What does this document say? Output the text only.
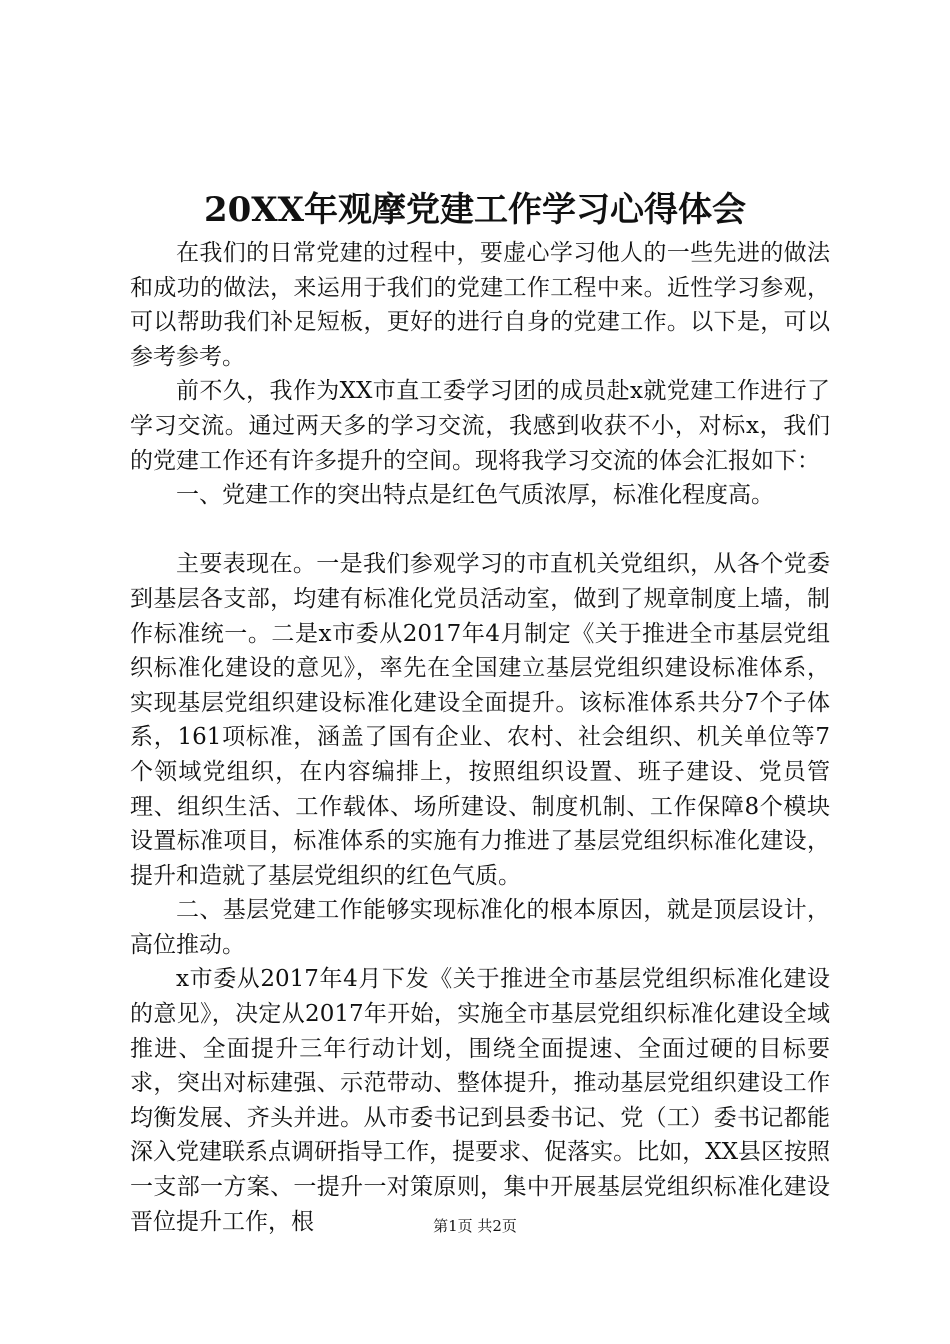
20XX年观摩党建工作学习心得体会

在我们的日常党建的过程中，要虚心学习他人的一些先进的做法和成功的做法，来运用于我们的党建工作工程中来。近性学习参观，可以帮助我们补足短板，更好的进行自身的党建工作。以下是，可以参考参考。

前不久，我作为XX市直工委学习团的成员赴x就党建工作进行了学习交流。通过两天多的学习交流，我感到收获不小，对标x，我们的党建工作还有许多提升的空间。现将我学习交流的体会汇报如下：

一、党建工作的突出特点是红色气质浓厚，标准化程度高。

主要表现在。一是我们参观学习的市直机关党组织，从各个党委到基层各支部，均建有标准化党员活动室，做到了规章制度上墙，制作标准统一。二是x市委从2017年4月制定《关于推进全市基层党组织标准化建设的意见》，率先在全国建立基层党组织建设标准体系，实现基层党组织建设标准化建设全面提升。该标准体系共分7个子体系，161项标准，涵盖了国有企业、农村、社会组织、机关单位等7个领域党组织，在内容编排上，按照组织设置、班子建设、党员管理、组织生活、工作载体、场所建设、制度机制、工作保障8个模块设置标准项目，标准体系的实施有力推进了基层党组织标准化建设，提升和造就了基层党组织的红色气质。

二、基层党建工作能够实现标准化的根本原因，就是顶层设计，高位推动。

x市委从2017年4月下发《关于推进全市基层党组织标准化建设的意见》，决定从2017年开始，实施全市基层党组织标准化建设全域推进、全面提升三年行动计划，围绕全面提速、全面过硬的目标要求，突出对标建强、示范带动、整体提升，推动基层党组织建设工作均衡发展、齐头并进。从市委书记到县委书记、党（工）委书记都能深入党建联系点调研指导工作，提要求、促落实。比如，XX县区按照一支部一方案、一提升一对策原则，集中开展基层党组织标准化建设晋位提升工作，根	第1页 共2页
